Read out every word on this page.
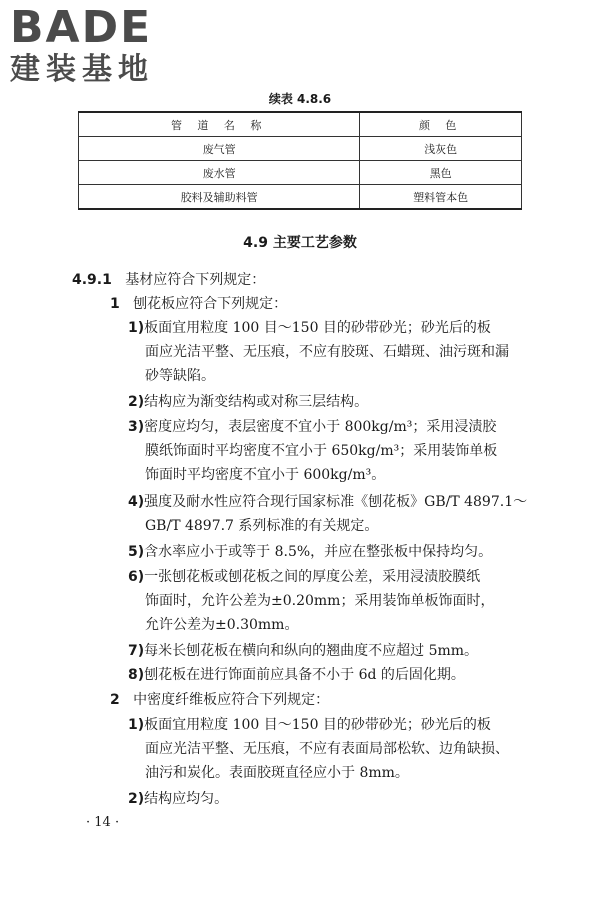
BADE
建装基地
续表 4.8.6
管 道 名 称	颜 色
废气管	浅灰色
废水管	黑色
胶料及辅助料管	塑料管本色
4.9 主要工艺参数
4.9.1 基材应符合下列规定：
1 刨花板应符合下列规定：
1)板面宜用粒度 100 目～150 目的砂带砂光；砂光后的板
面应光洁平整、无压痕，不应有胶斑、石蜡斑、油污斑和漏
砂等缺陷。
2)结构应为渐变结构或对称三层结构。
3)密度应均匀，表层密度不宜小于 800kg/m³；采用浸渍胶
膜纸饰面时平均密度不宜小于 650kg/m³；采用装饰单板
饰面时平均密度不宜小于 600kg/m³。
4)强度及耐水性应符合现行国家标准《刨花板》GB/T 4897.1～
GB/T 4897.7 系列标准的有关规定。
5)含水率应小于或等于 8.5%，并应在整张板中保持均匀。
6)一张刨花板或刨花板之间的厚度公差，采用浸渍胶膜纸
饰面时，允许公差为±0.20mm；采用装饰单板饰面时，
允许公差为±0.30mm。
7)每米长刨花板在横向和纵向的翘曲度不应超过 5mm。
8)刨花板在进行饰面前应具备不小于 6d 的后固化期。
2 中密度纤维板应符合下列规定：
1)板面宜用粒度 100 目～150 目的砂带砂光；砂光后的板
面应光洁平整、无压痕，不应有表面局部松软、边角缺损、
油污和炭化。表面胶斑直径应小于 8mm。
2)结构应均匀。
· 14 ·
